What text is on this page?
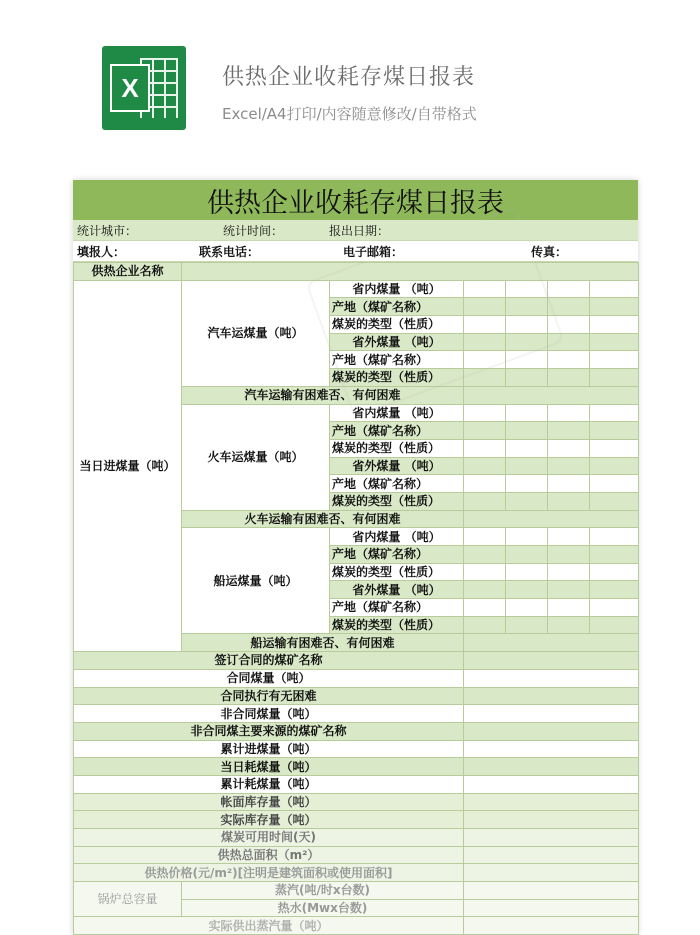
X	供热企业收耗存煤日报表
Excel/A4打印/内容随意修改/自带格式
供热企业收耗存煤日报表
统计城市：	统计时间：	报出日期：
填报人：	联系电话：	电子邮箱：	传真：
供热企业名称						
当日进煤量（吨）	汽车运煤量（吨）	省内煤量 （吨）				
		产地（煤矿名称）				
		煤炭的类型（性质）				
		省外煤量 （吨）				
		产地（煤矿名称）				
		煤炭的类型（性质）				
	汽车运输有困难否、有何困难					
	火车运煤量（吨）	省内煤量 （吨）				
		产地（煤矿名称）				
		煤炭的类型（性质）				
		省外煤量 （吨）				
		产地（煤矿名称）				
		煤炭的类型（性质）				
	火车运输有困难否、有何困难					
	船运煤量（吨）	省内煤量 （吨）				
		产地（煤矿名称）				
		煤炭的类型（性质）				
		省外煤量 （吨）				
		产地（煤矿名称）				
		煤炭的类型（性质）				
	船运输有困难否、有何困难					
签订合同的煤矿名称						
合同煤量（吨）						
合同执行有无困难						
非合同煤量（吨）						
非合同煤主要来源的煤矿名称						
累计进煤量（吨）						
当日耗煤量（吨）						
累计耗煤量（吨）						
帐面库存量（吨）						
实际库存量（吨）						
煤炭可用时间(天)						
供热总面积（m²）						
供热价格(元/m²)[注明是建筑面积或使用面积]						
锅炉总容量	蒸汽(吨/时x台数)					
	热水(Mwx台数)					
实际供出蒸汽量（吨）						
